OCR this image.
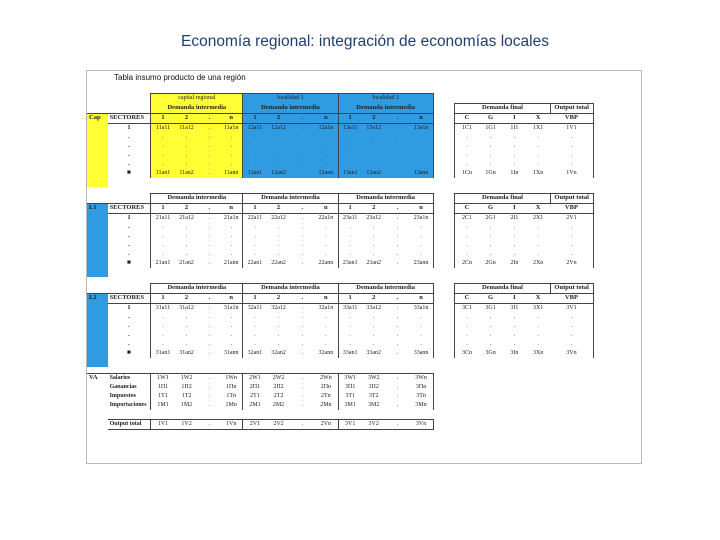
Economía regional: integración de economías locales
Tabla insumo producto de una región
		capital regional				localidad 1				localidad 2										
		Demanda intermedia				Demanda intermedia				Demanda intermedia					Demanda final				Output total	
Cap	SECTORES	1	2	.	n	1	2	.	n	1	2	.	n		C	G	I	X	VBP	
	1	11a11	11a12	.	11a1n	12a11	12a12	.	12a1n	13a11	13a12	.	13a1n		1C1	1G1	1I1	1X1	1V1	
	.	.	.	.	.	.	.	.	.	.	.	.	.		.	.	.	.	.	
	.	.	.	.	.	.	.	.	.	.	.	.	.		.	.	.	.	.	
	.	.	.	.	.	.	.	.	.	.	.	.	.		.	.	.	.	.	
	.	.	.	.	.	.	.	.	.	.	.	.	.		.	.	.	.	.	
	■	11an1	11an2	.	11ann	12an1	12an2	.	12ann	13an1	13an2	.	13ann		1Cn	1Gn	1In	1Xn	1Vn	

		Demanda intermedia				Demanda intermedia				Demanda intermedia					Demanda final				Output total	
L1	SECTORES	1	2	.	n	1	2	.	n	1	2	.	n		C	G	I	X	VBP	
	1	21a11	21a12	.	21a1n	22a11	22a12	.	22a1n	23a11	23a12	.	23a1n		2C1	2G1	2I1	2X1	2V1	
	.	.	.	.	.	.	.	.	.	.	.	.	.		.	.	.	.	.	
	.	.	.	.	.	.	.	.	.	.	.	.	.		.	.	.	.	.	
	.	.	.	.	.	.	.	.	.	.	.	.	.		.	.	.	.	.	
	.	.	.	.	.	.	.	.	.	.	.	.	.		.	.	.	.	.	
	■	21an1	21an2	.	21ann	22an1	22an2	.	22ann	23an1	23an2	.	23ann		2Cn	2Gn	2In	2Xn	2Vn	

		Demanda intermedia				Demanda intermedia				Demanda intermedia					Demanda final				Output total	
L2	SECTORES	1	2	.	n	1	2	.	n	1	2	.	n		C	G	I	X	VBP	
	1	31a11	31a12	.	31a1n	32a11	32a12	.	32a1n	33a11	33a12	.	33a1n		3C1	3G1	3I1	3X1	3V1	
	.	.	.	.	.	.	.	.	.	.	.	.	.		.	.	.	.	.	
	.	.	.	.	.	.	.	.	.	.	.	.	.		.	.	.	.	.	
	.	.	.	.	.	.	.	.	.	.	.	.	.		.	.	.	.	.	
	.	.	.	.	.	.	.	.	.	.	.	.	.		.	.	.	.	.	
	■	31an1	31an2	.	31ann	32an1	32an2	.	32ann	33an1	33an2	.	33ann		3Cn	3Gn	3In	3Xn	3Vn	

VA	Salarios	1W1	1W2	.	1Wn	2W1	2W2	.	2Wn	3W1	3W2	.	3Wn							
	Ganancias	1Π1	1Π2	.	1Πn	2Π1	2Π2	.	2Πn	3Π1	3Π2	.	3Πn							
	Impuestos	1T1	1T2	.	1Tn	2T1	2T2	.	2Tn	3T1	3T2	.	3Tn							
	Importaciones	1M1	1M2	.	1Mn	2M1	2M2	.	2Mn	3M1	3M2	.	3Mn							

	Output total	1V1	1V2	.	1Vn	2V1	2V2	.	2Vn	3V1	3V2	.	3Vn							
